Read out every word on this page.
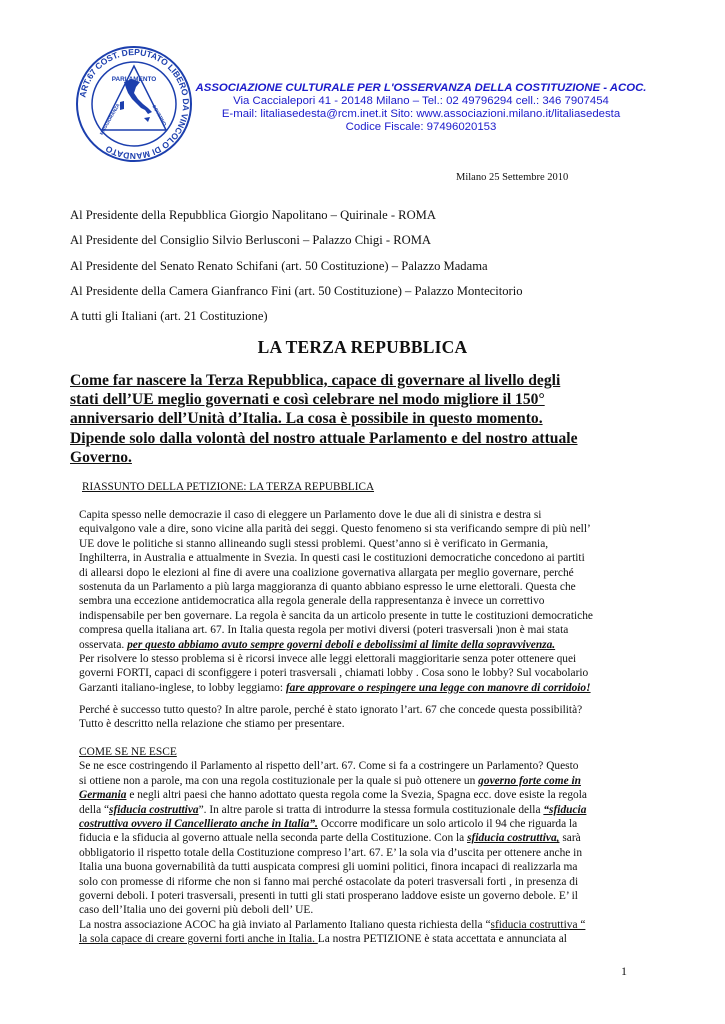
ART.67 COST. DEPUTATO LIBERO DA VINCOLO DI MANDATO
PARLAMENTO
MAGGIORANZA	GOVERNO
ASSOCIAZIONE CULTURALE PER L'OSSERVANZA DELLA COSTITUZIONE - ACOC.
Via Caccialepori 41 - 20148 Milano – Tel.: 02 49796294 cell.: 346 7907454
E-mail: litaliasedesta@rcm.inet.it Sito: www.associazioni.milano.it/litaliasedesta
Codice Fiscale: 97496020153
Milano 25 Settembre 2010
Al Presidente della Repubblica Giorgio Napolitano – Quirinale - ROMA
Al Presidente del Consiglio Silvio Berlusconi – Palazzo Chigi - ROMA
Al Presidente del Senato Renato Schifani (art. 50 Costituzione) – Palazzo Madama
Al Presidente della Camera Gianfranco Fini (art. 50 Costituzione) – Palazzo Montecitorio
A tutti gli Italiani (art. 21 Costituzione)
LA TERZA REPUBBLICA
Come far nascere la Terza Repubblica, capace di governare al livello degli
stati dell’UE meglio governati e così celebrare nel modo migliore il 150°
anniversario dell’Unità d’Italia. La cosa è possibile in questo momento.
Dipende solo dalla volontà del nostro attuale Parlamento e del nostro attuale
Governo.
RIASSUNTO DELLA PETIZIONE: LA TERZA REPUBBLICA
Capita spesso nelle democrazie il caso di eleggere un Parlamento dove le due ali di sinistra e destra si
equivalgono vale a dire, sono vicine alla parità dei seggi. Questo fenomeno si sta verificando sempre di più nell’
UE dove le politiche si stanno allineando sugli stessi problemi. Quest’anno si è verificato in Germania,
Inghilterra, in Australia e attualmente in Svezia. In questi casi le costituzioni democratiche concedono ai partiti
di allearsi dopo le elezioni al fine di avere una coalizione governativa allargata per meglio governare, perché
sostenuta da un Parlamento a più larga maggioranza di quanto abbiano espresso le urne elettorali. Questa che
sembra una eccezione antidemocratica alla regola generale della rappresentanza è invece un correttivo
indispensabile per ben governare. La regola è sancita da un articolo presente in tutte le costituzioni democratiche
compresa quella italiana art. 67. In Italia questa regola per motivi diversi (poteri trasversali )non è mai stata
osservata. per questo abbiamo avuto sempre governi deboli e debolissimi al limite della sopravvivenza.
Per risolvere lo stesso problema si è ricorsi invece alle leggi elettorali maggioritarie senza poter ottenere quei
governi FORTI, capaci di sconfiggere i poteri trasversali , chiamati lobby . Cosa sono le lobby? Sul vocabolario
Garzanti italiano-inglese, to lobby leggiamo: fare approvare o respingere una legge con manovre di corridoio!
Perché è successo tutto questo? In altre parole, perché è stato ignorato l’art. 67 che concede questa possibilità?
Tutto è descritto nella relazione che stiamo per presentare.
COME SE NE ESCE
Se ne esce costringendo il Parlamento al rispetto dell’art. 67. Come si fa a costringere un Parlamento? Questo
si ottiene non a parole, ma con una regola costituzionale per la quale si può ottenere un governo forte come in
Germania e negli altri paesi che hanno adottato questa regola come la Svezia, Spagna ecc. dove esiste la regola
della “sfiducia costruttiva”. In altre parole si tratta di introdurre la stessa formula costituzionale della “sfiducia
costruttiva ovvero il Cancellierato anche in Italia”. Occorre modificare un solo articolo il 94 che riguarda la
fiducia e la sfiducia al governo attuale nella seconda parte della Costituzione. Con la sfiducia costruttiva, sarà
obbligatorio il rispetto totale della Costituzione compreso l’art. 67. E’ la sola via d’uscita per ottenere anche in
Italia una buona governabilità da tutti auspicata compresi gli uomini politici, finora incapaci di realizzarla ma
solo con promesse di riforme che non si fanno mai perché ostacolate da poteri trasversali forti , in presenza di
governi deboli. I poteri trasversali, presenti in tutti gli stati prosperano laddove esiste un governo debole. E’ il
caso dell’Italia uno dei governi più deboli dell’ UE.
La nostra associazione ACOC ha già inviato al Parlamento Italiano questa richiesta della “sfiducia costruttiva “
la sola capace di creare governi forti anche in Italia. La nostra PETIZIONE è stata accettata e annunciata al
1
